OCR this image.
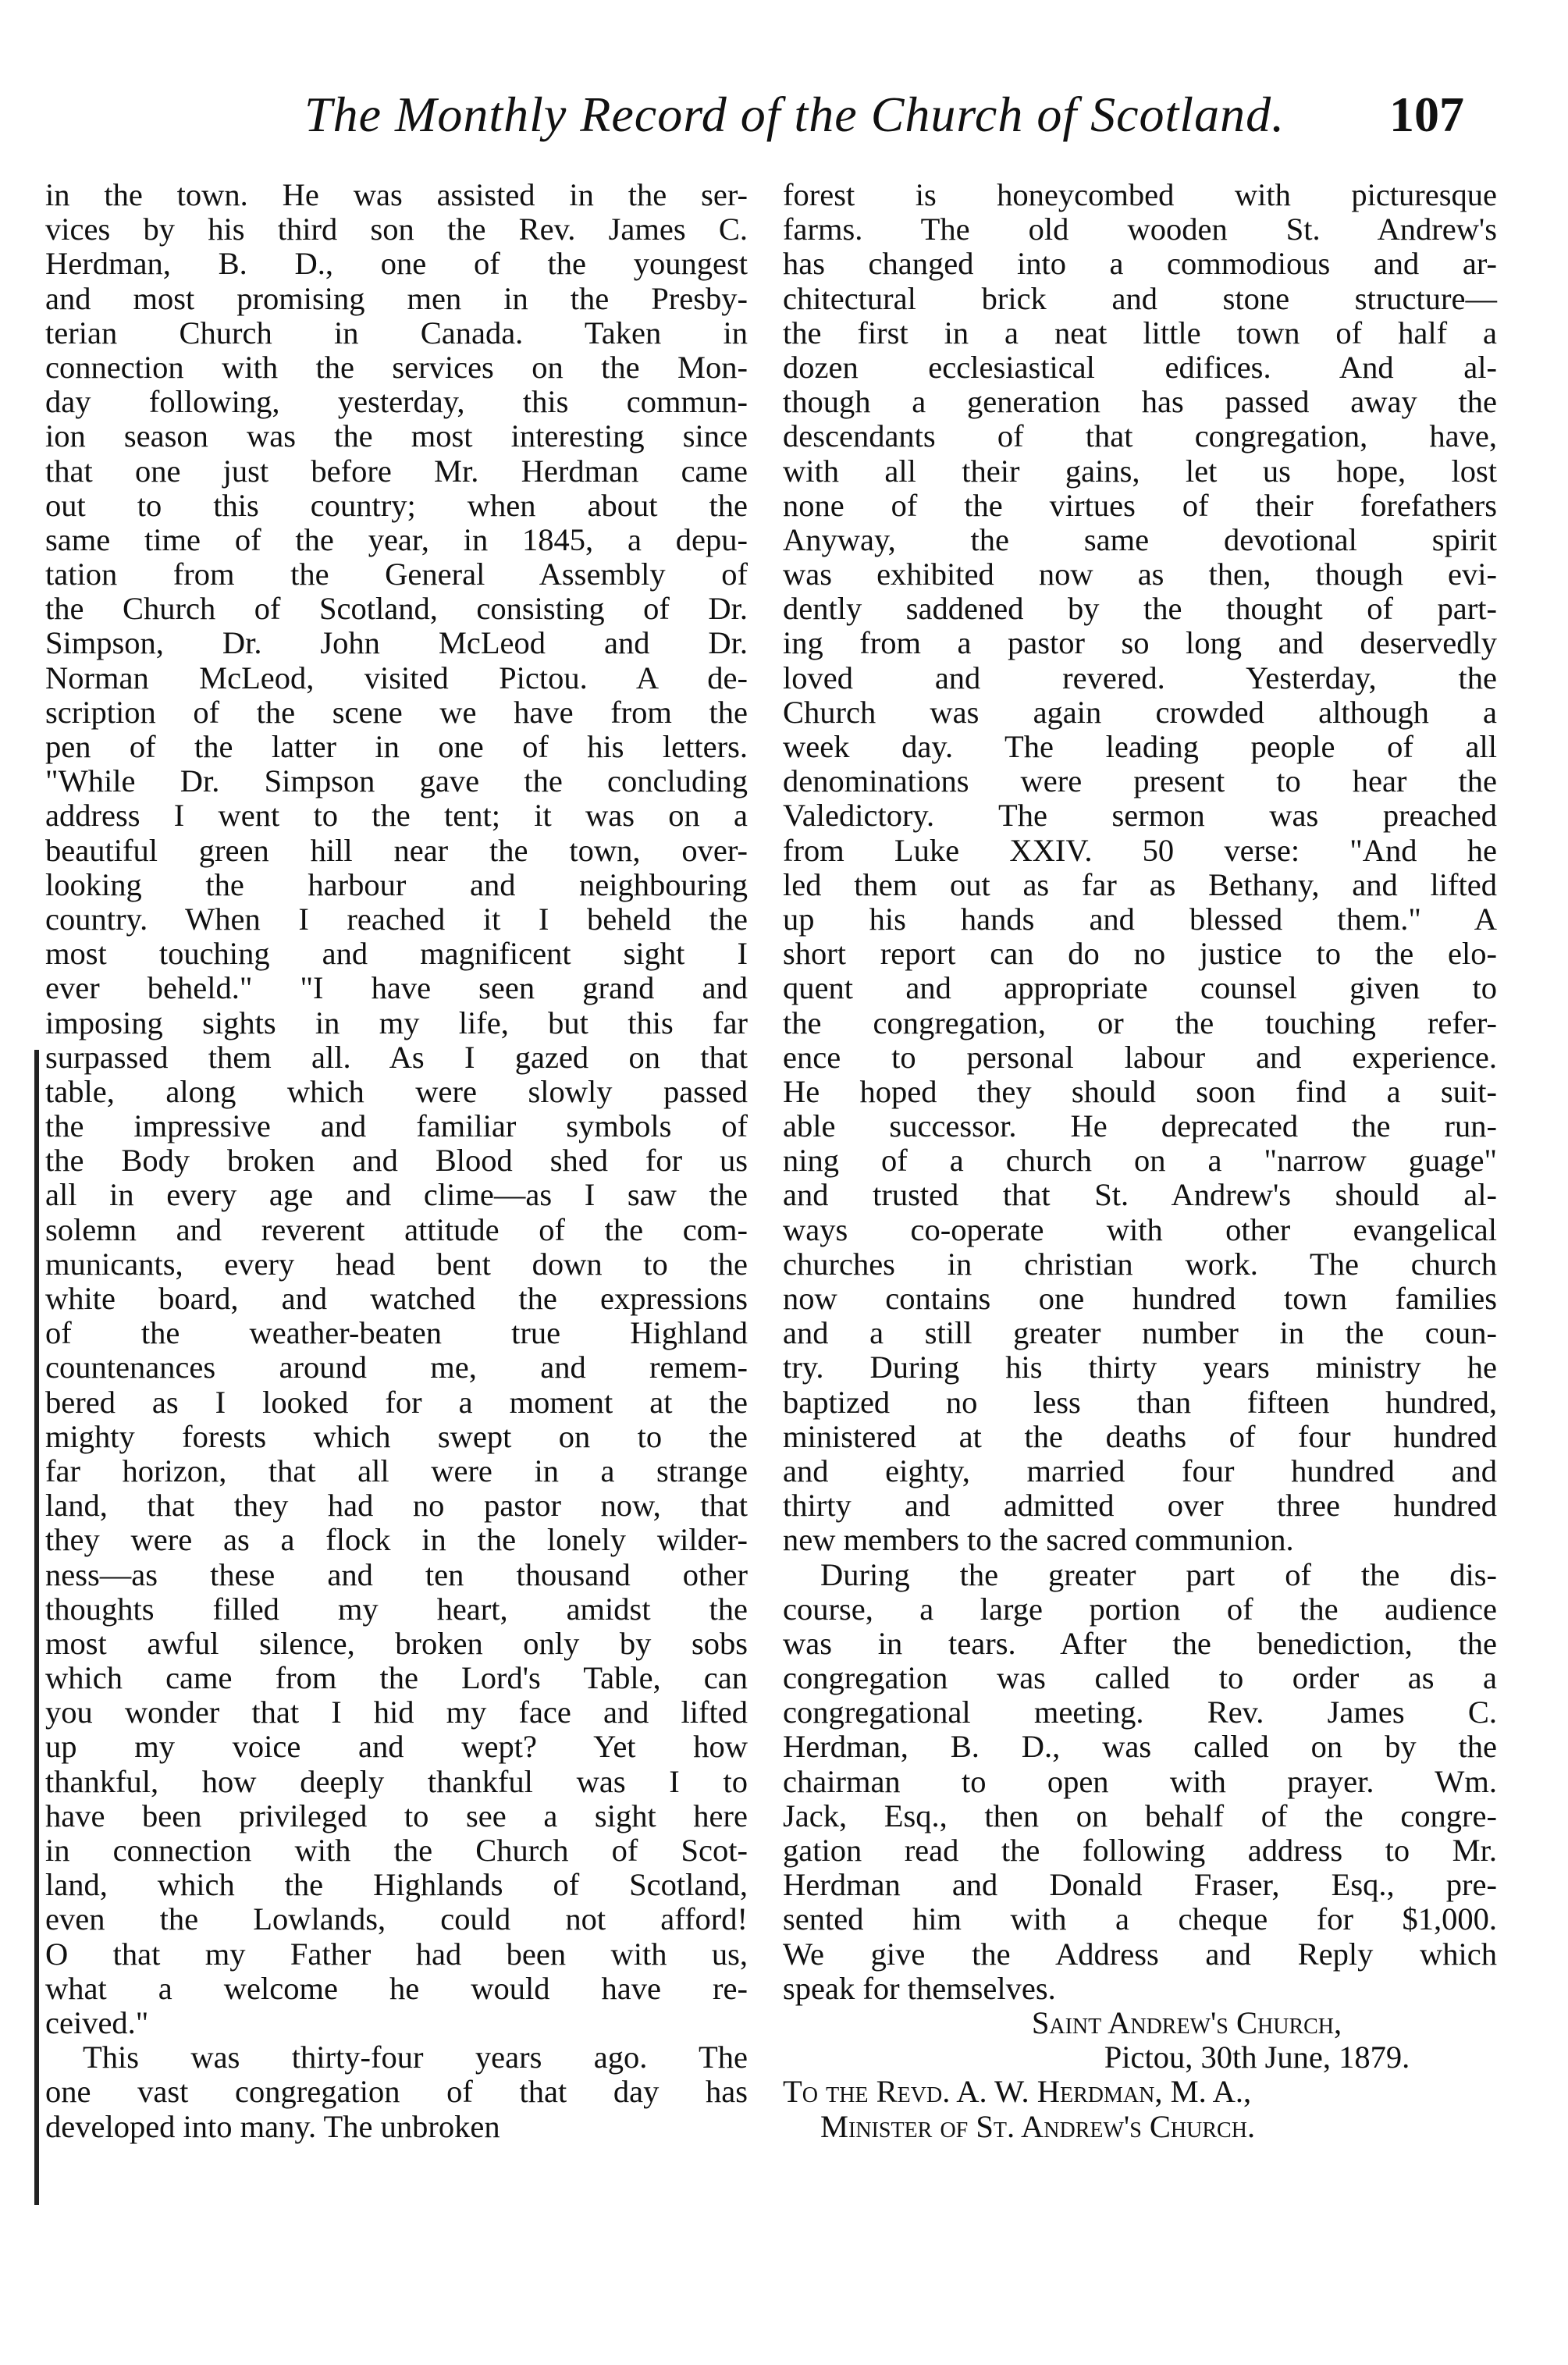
The Monthly Record of the Church of Scotland. 107
in the town. He was assisted in the ser-
vices by his third son the Rev. James C.
Herdman, B. D., one of the youngest
and most promising men in the Presby-
terian Church in Canada. Taken in
connection with the services on the Mon-
day following, yesterday, this commun-
ion season was the most interesting since
that one just before Mr. Herdman came
out to this country; when about the
same time of the year, in 1845, a depu-
tation from the General Assembly of
the Church of Scotland, consisting of Dr.
Simpson, Dr. John McLeod and Dr.
Norman McLeod, visited Pictou. A de-
scription of the scene we have from the
pen of the latter in one of his letters.
"While Dr. Simpson gave the concluding
address I went to the tent; it was on a
beautiful green hill near the town, over-
looking the harbour and neighbouring
country. When I reached it I beheld the
most touching and magnificent sight I
ever beheld." "I have seen grand and
imposing sights in my life, but this far
surpassed them all. As I gazed on that
table, along which were slowly passed
the impressive and familiar symbols of
the Body broken and Blood shed for us
all in every age and clime—as I saw the
solemn and reverent attitude of the com-
municants, every head bent down to the
white board, and watched the expressions
of the weather-beaten true Highland
countenances around me, and remem-
bered as I looked for a moment at the
mighty forests which swept on to the
far horizon, that all were in a strange
land, that they had no pastor now, that
they were as a flock in the lonely wilder-
ness—as these and ten thousand other
thoughts filled my heart, amidst the
most awful silence, broken only by sobs
which came from the Lord's Table, can
you wonder that I hid my face and lifted
up my voice and wept? Yet how
thankful, how deeply thankful was I to
have been privileged to see a sight here
in connection with the Church of Scot-
land, which the Highlands of Scotland,
even the Lowlands, could not afford!
O that my Father had been with us,
what a welcome he would have re-
ceived."
This was thirty-four years ago. The
one vast congregation of that day has
developed into many. The unbroken
forest is honeycombed with picturesque
farms. The old wooden St. Andrew's
has changed into a commodious and ar-
chitectural brick and stone structure—
the first in a neat little town of half a
dozen ecclesiastical edifices. And al-
though a generation has passed away the
descendants of that congregation, have,
with all their gains, let us hope, lost
none of the virtues of their forefathers
Anyway, the same devotional spirit
was exhibited now as then, though evi-
dently saddened by the thought of part-
ing from a pastor so long and deservedly
loved and revered. Yesterday, the
Church was again crowded although a
week day. The leading people of all
denominations were present to hear the
Valedictory. The sermon was preached
from Luke XXIV. 50 verse: "And he
led them out as far as Bethany, and lifted
up his hands and blessed them." A
short report can do no justice to the elo-
quent and appropriate counsel given to
the congregation, or the touching refer-
ence to personal labour and experience.
He hoped they should soon find a suit-
able successor. He deprecated the run-
ning of a church on a "narrow guage"
and trusted that St. Andrew's should al-
ways co-operate with other evangelical
churches in christian work. The church
now contains one hundred town families
and a still greater number in the coun-
try. During his thirty years ministry he
baptized no less than fifteen hundred,
ministered at the deaths of four hundred
and eighty, married four hundred and
thirty and admitted over three hundred
new members to the sacred communion.
During the greater part of the dis-
course, a large portion of the audience
was in tears. After the benediction, the
congregation was called to order as a
congregational meeting. Rev. James C.
Herdman, B. D., was called on by the
chairman to open with prayer. Wm.
Jack, Esq., then on behalf of the congre-
gation read the following address to Mr.
Herdman and Donald Fraser, Esq., pre-
sented him with a cheque for $1,000.
We give the Address and Reply which
speak for themselves.
Saint Andrew's Church,
Pictou, 30th June, 1879.
To the Revd. A. W. Herdman, M. A.,
Minister of St. Andrew's Church.
